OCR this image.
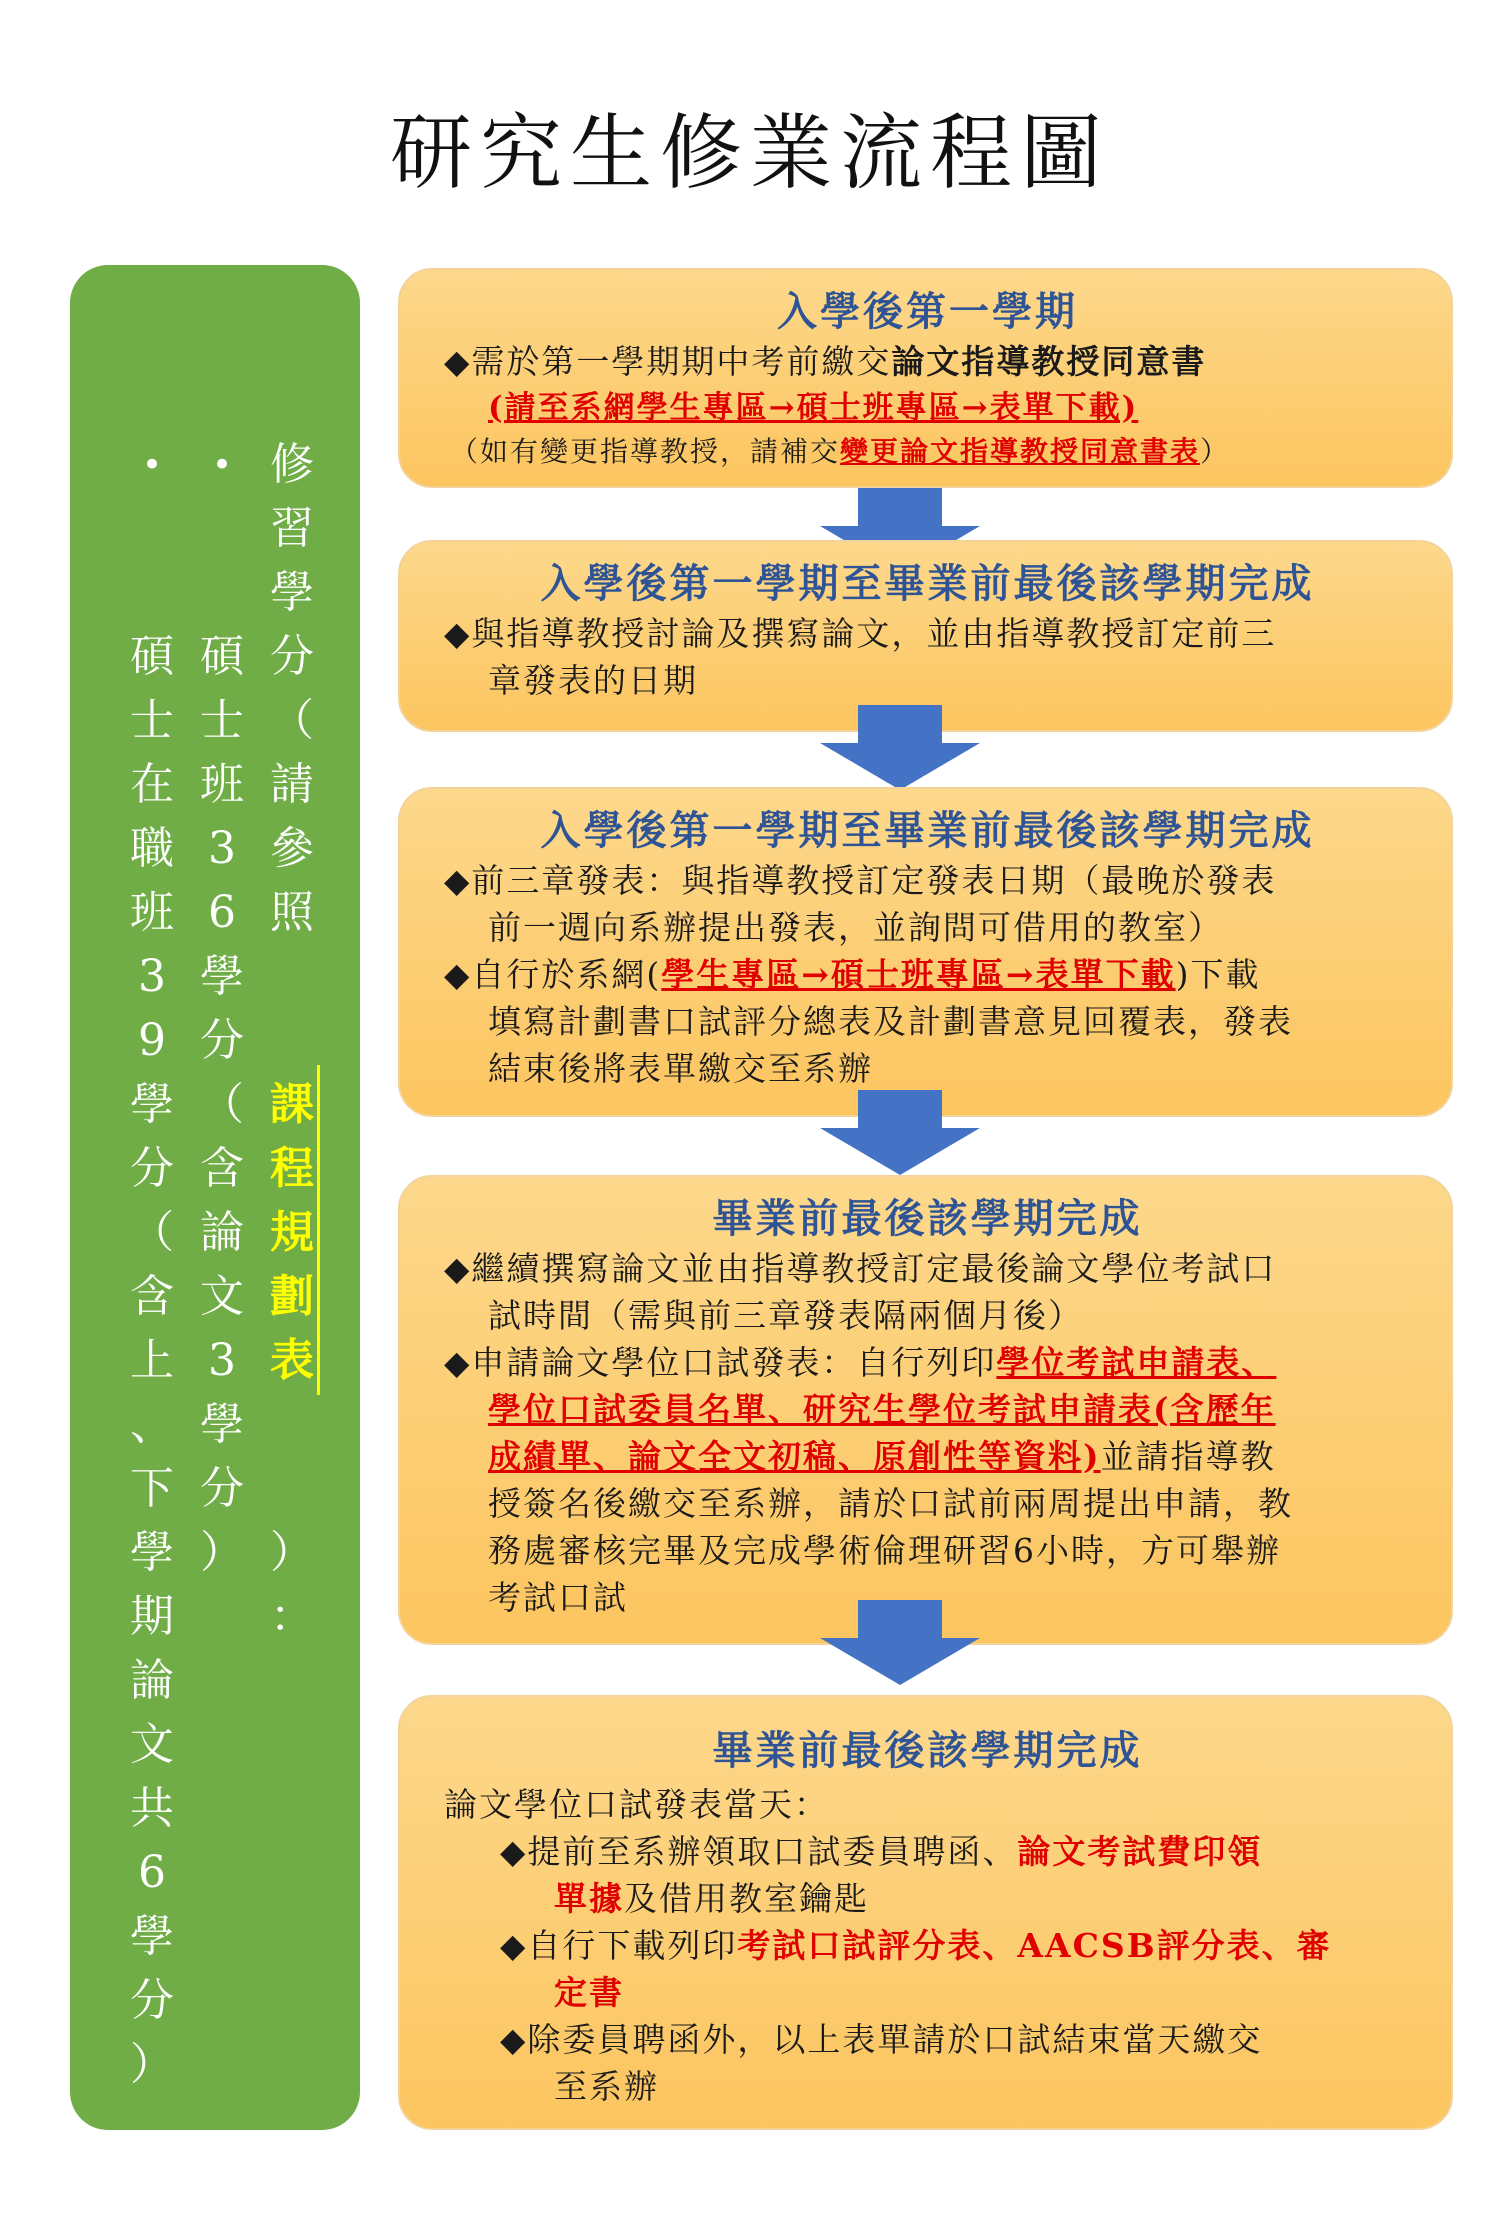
研究生修業流程圖

修
習
學
分
（
請
參
照

課
程
規
劃
表

）
：

•

碩
士
班
3
6
學
分
（
含
論
文
3
學
分
）

•

碩
士
在
職
班
3
9
學
分
（
含
上
、
下
學
期
論
文
共
6
學
分
）

入學後第一學期
◆需於第一學期期中考前繳交論文指導教授同意書
(請至系網學生專區→碩士班專區→表單下載)
（如有變更指導教授，請補交變更論文指導教授同意書表）
入學後第一學期至畢業前最後該學期完成
◆與指導教授討論及撰寫論文，並由指導教授訂定前三
章發表的日期
入學後第一學期至畢業前最後該學期完成
◆前三章發表：與指導教授訂定發表日期（最晚於發表
前一週向系辦提出發表，並詢問可借用的教室）
◆自行於系網(學生專區→碩士班專區→表單下載)下載
填寫計劃書口試評分總表及計劃書意見回覆表，發表
結束後將表單繳交至系辦
畢業前最後該學期完成
◆繼續撰寫論文並由指導教授訂定最後論文學位考試口
試時間（需與前三章發表隔兩個月後）
◆申請論文學位口試發表：自行列印學位考試申請表、
學位口試委員名單、研究生學位考試申請表(含歷年
成績單、論文全文初稿、原創性等資料)並請指導教
授簽名後繳交至系辦，請於口試前兩周提出申請，教
務處審核完畢及完成學術倫理研習6小時，方可舉辦
考試口試
畢業前最後該學期完成
論文學位口試發表當天：
◆提前至系辦領取口試委員聘函、論文考試費印領
單據及借用教室鑰匙
◆自行下載列印考試口試評分表、AACSB評分表、審
定書
◆除委員聘函外，以上表單請於口試結束當天繳交
至系辦
